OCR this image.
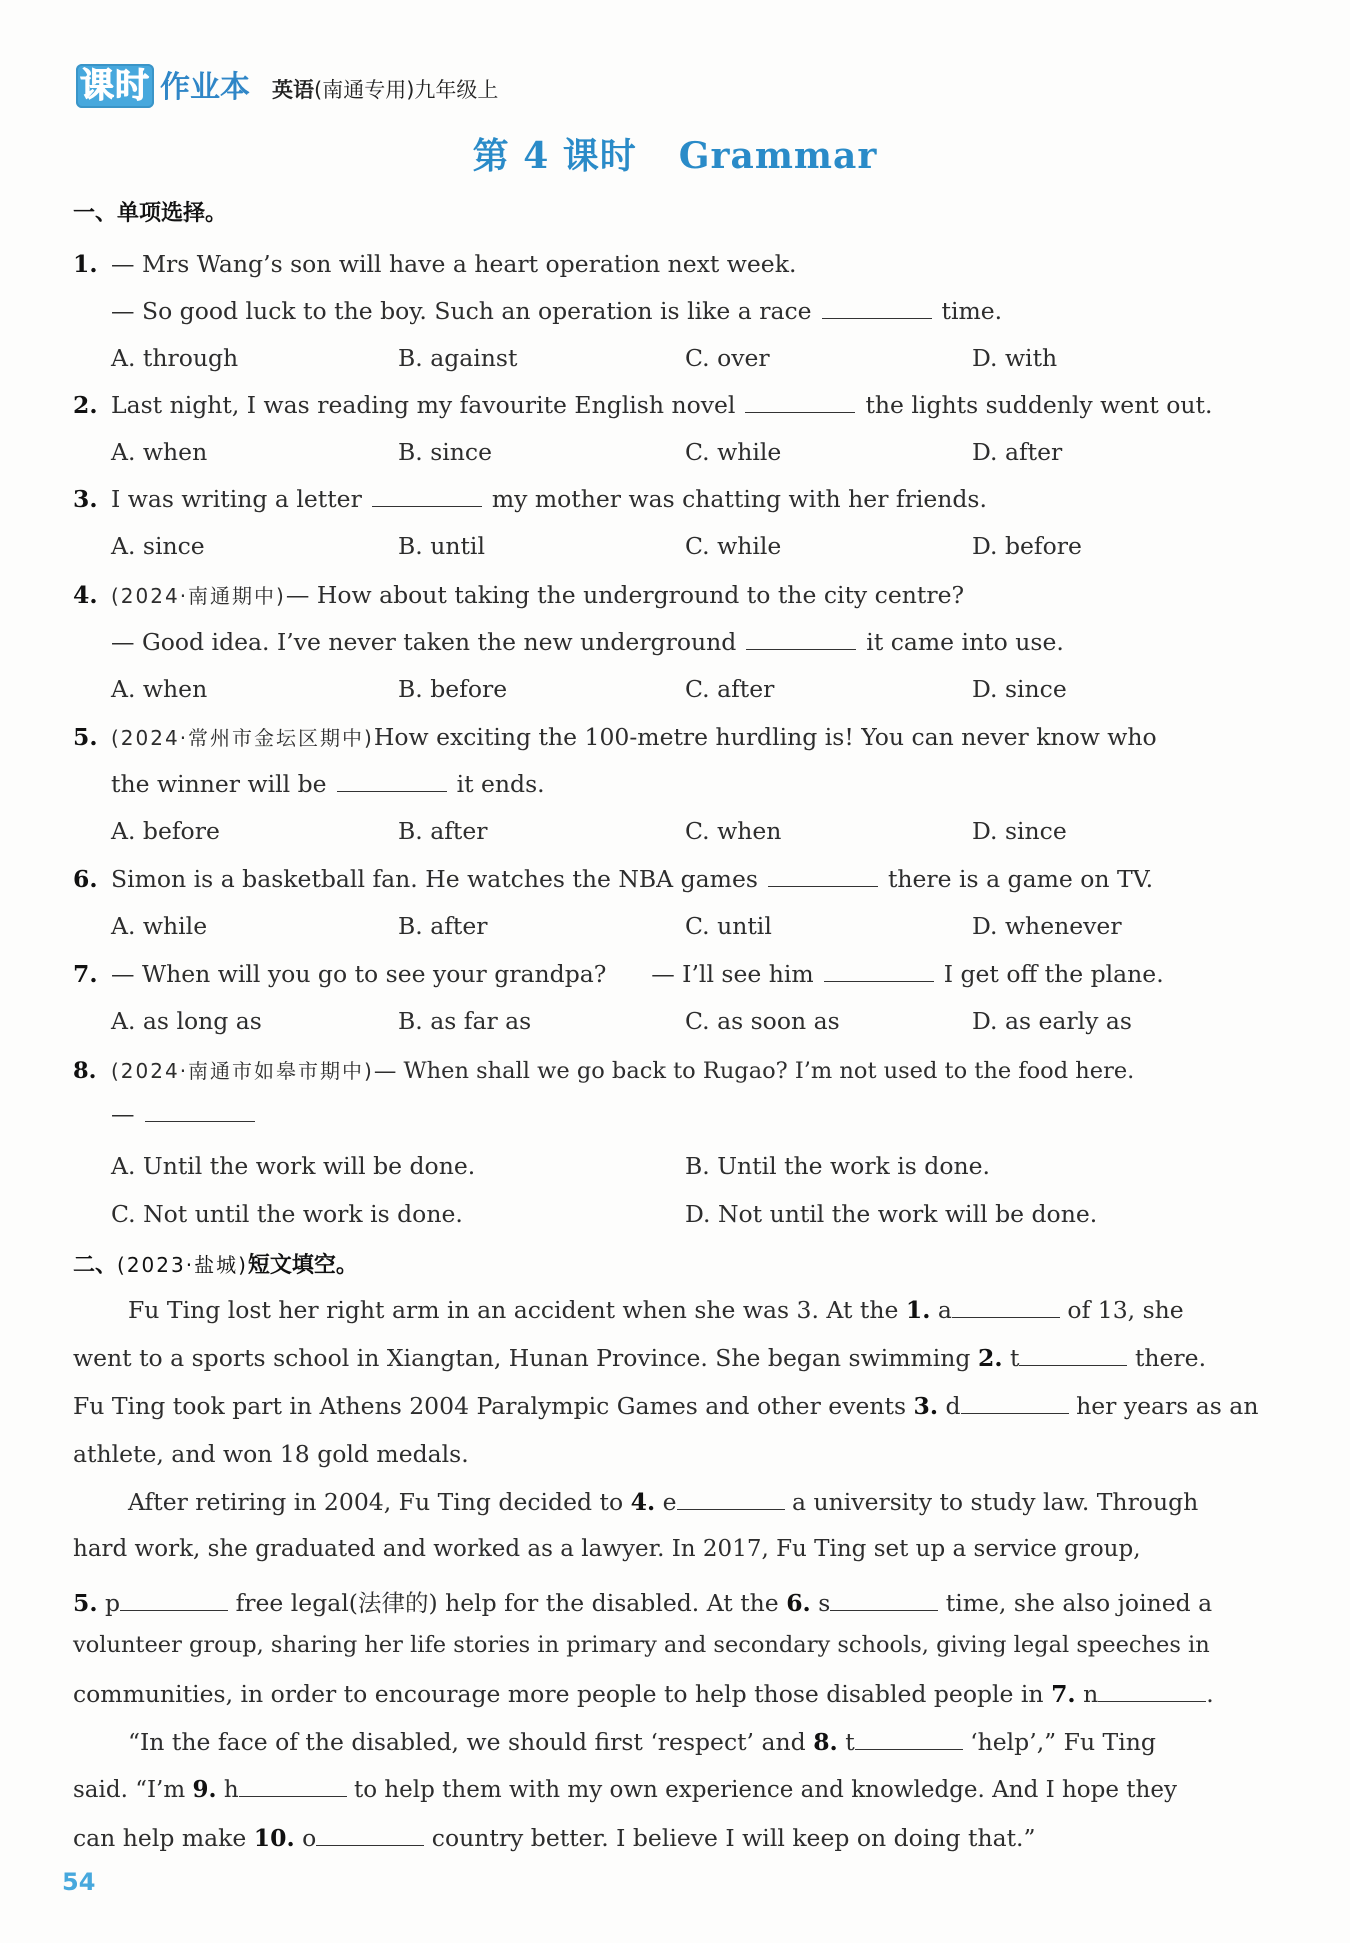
课时 作业本 英语(南通专用)九年级上
第 4 课时 Grammar
一、单项选择。
1. — Mrs Wang’s son will have a heart operation next week.
— So good luck to the boy. Such an operation is like a race	time.
A. through	B. against	C. over	D. with
2. Last night, I was reading my favourite English novel	the lights suddenly went out.
A. when	B. since	C. while	D. after
3. I was writing a letter	my mother was chatting with her friends.
A. since	B. until	C. while	D. before
4. (2024·南通期中)— How about taking the underground to the city centre?
— Good idea. I’ve never taken the new underground	it came into use.
A. when	B. before	C. after	D. since
5. (2024·常州市金坛区期中)How exciting the 100-metre hurdling is! You can never know who
the winner will be	it ends.
A. before	B. after	C. when	D. since
6. Simon is a basketball fan. He watches the NBA games	there is a game on TV.
A. while	B. after	C. until	D. whenever
7. — When will you go to see your grandpa?      — I’ll see him	I get off the plane.
A. as long as	B. as far as	C. as soon as	D. as early as
8. (2024·南通市如皋市期中)— When shall we go back to Rugao? I’m not used to the food here.
—
A. Until the work will be done.	B. Until the work is done.
C. Not until the work is done.	D. Not until the work will be done.
二、(2023·盐城)短文填空。
Fu Ting lost her right arm in an accident when she was 3. At the 1. a	of 13, she
went to a sports school in Xiangtan, Hunan Province. She began swimming 2. t	there.
Fu Ting took part in Athens 2004 Paralympic Games and other events 3. d	her years as an
athlete, and won 18 gold medals.
After retiring in 2004, Fu Ting decided to 4. e	a university to study law. Through
hard work, she graduated and worked as a lawyer. In 2017, Fu Ting set up a service group,
5. p	free legal(法律的) help for the disabled. At the 6. s	time, she also joined a
volunteer group, sharing her life stories in primary and secondary schools, giving legal speeches in
communities, in order to encourage more people to help those disabled people in 7. n	.
“In the face of the disabled, we should first ‘respect’ and 8. t	‘help’,” Fu Ting
said. “I’m 9. h	to help them with my own experience and knowledge. And I hope they
can help make 10. o	country better. I believe I will keep on doing that.”
54
